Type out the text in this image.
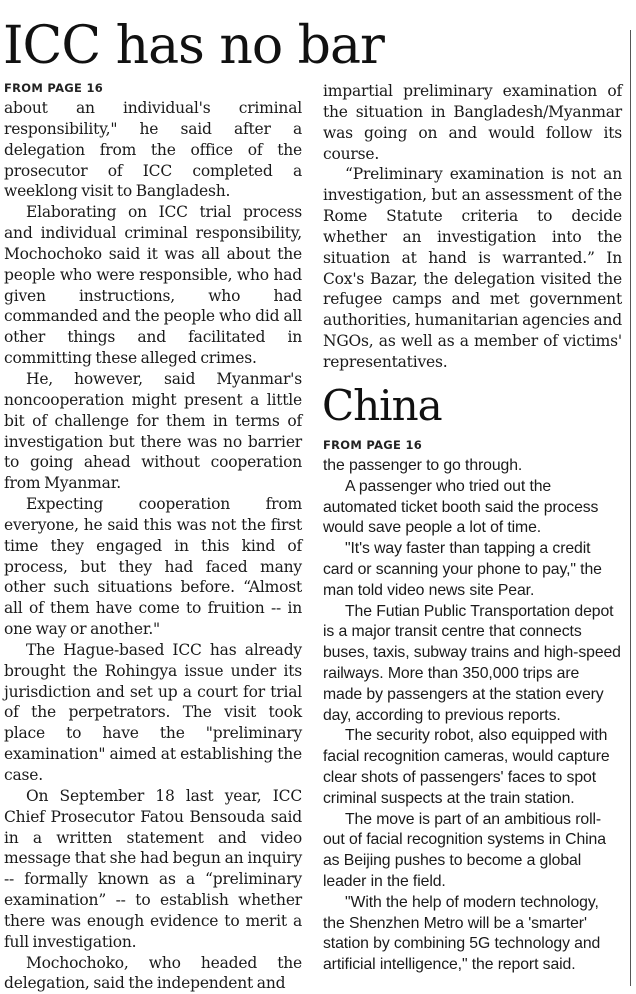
ICC has no bar
FROM PAGE 16

about an individual's criminal responsibility," he said after a delegation from the office of the prosecutor of ICC completed a weeklong visit to Bangladesh.

Elaborating on ICC trial process and individual criminal responsibility, Mochochoko said it was all about the people who were responsible, who had given instructions, who had commanded and the people who did all other things and facilitated in committing these alleged crimes.

He, however, said Myanmar's noncooperation might present a little bit of challenge for them in terms of investigation but there was no barrier to going ahead without cooperation from Myanmar.

Expecting cooperation from everyone, he said this was not the first time they engaged in this kind of process, but they had faced many other such situations before. “Almost all of them have come to fruition -- in one way or another."

The Hague-based ICC has already brought the Rohingya issue under its jurisdiction and set up a court for trial of the perpetrators. The visit took place to have the "preliminary examination" aimed at establishing the case.

On September 18 last year, ICC Chief Prosecutor Fatou Bensouda said in a written statement and video message that she had begun an inquiry -- formally known as a “preliminary examination” -- to establish whether there was enough evidence to merit a full investigation.

Mochochoko, who headed the delegation, said the independent and

impartial preliminary examination of the situation in Bangladesh/Myanmar was going on and would follow its course.

“Preliminary examination is not an investigation, but an assessment of the Rome Statute criteria to decide whether an investigation into the situation at hand is warranted.” In Cox's Bazar, the delegation visited the refugee camps and met government authorities, humanitarian agencies and NGOs, as well as a member of victims' representatives.

China
FROM PAGE 16

the passenger to go through.

A passenger who tried out the automated ticket booth said the process would save people a lot of time.

"It's way faster than tapping a credit card or scanning your phone to pay," the man told video news site Pear.

The Futian Public Transportation depot is a major transit centre that connects buses, taxis, subway trains and high-speed railways. More than 350,000 trips are made by passengers at the station every day, according to previous reports.

The security robot, also equipped with facial recognition cameras, would capture clear shots of passengers' faces to spot criminal suspects at the train station.

The move is part of an ambitious roll-out of facial recognition systems in China as Beijing pushes to become a global leader in the field.

"With the help of modern technology, the Shenzhen Metro will be a 'smarter' station by combining 5G technology and artificial intelligence," the report said.
